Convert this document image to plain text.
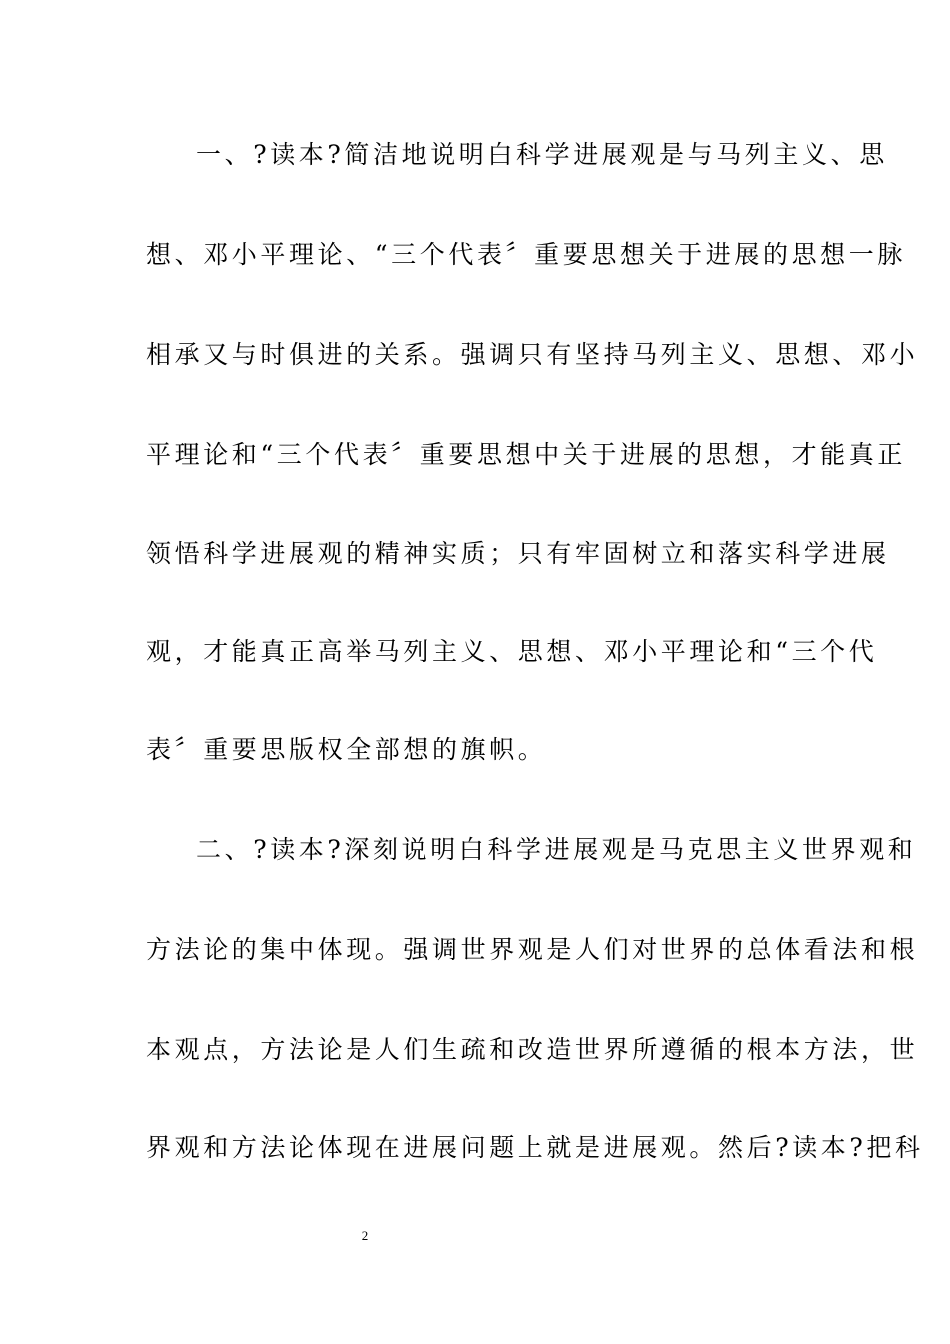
一、?读本?简洁地说明白科学进展观是与马列主义、思
想、邓小平理论、“三个代表〞重要思想关于进展的思想一脉
相承又与时俱进的关系。强调只有坚持马列主义、思想、邓小
平理论和“三个代表〞重要思想中关于进展的思想，才能真正
领悟科学进展观的精神实质；只有牢固树立和落实科学进展
观，才能真正高举马列主义、思想、邓小平理论和“三个代
表〞重要思版权全部想的旗帜。
二、?读本?深刻说明白科学进展观是马克思主义世界观和
方法论的集中体现。强调世界观是人们对世界的总体看法和根
本观点，方法论是人们生疏和改造世界所遵循的根本方法，世
界观和方法论体现在进展问题上就是进展观。然后?读本?把科
2
